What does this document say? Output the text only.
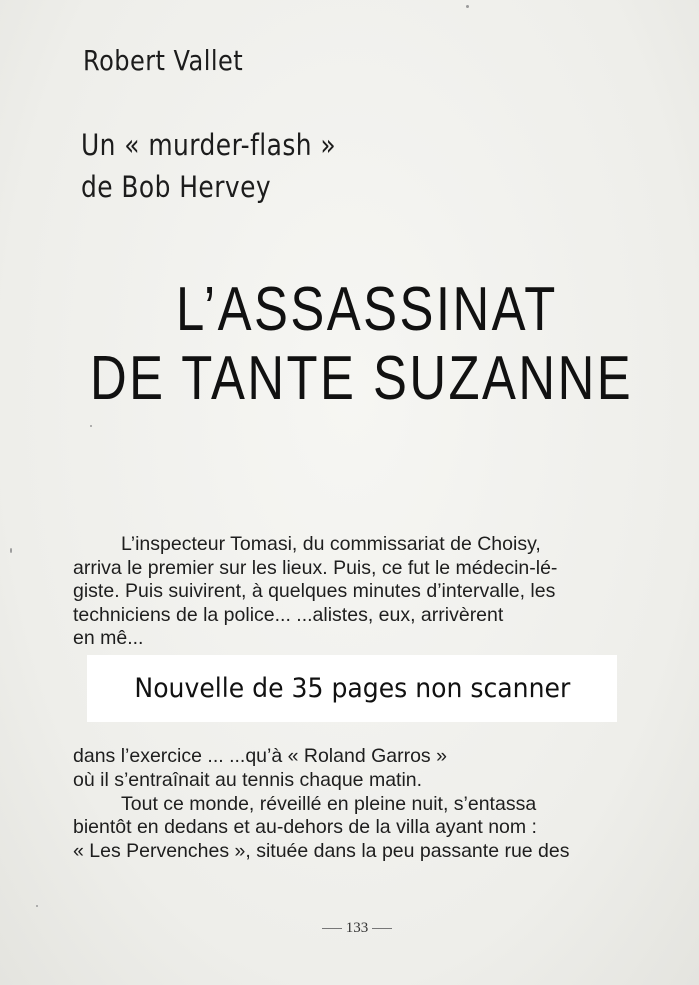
Robert Vallet
Un « murder-flash »
de Bob Hervey
L’ASSASSINAT
DE TANTE SUZANNE
L’inspecteur Tomasi, du commissariat de Choisy,
arriva le premier sur les lieux. Puis, ce fut le médecin-lé-
giste. Puis suivirent, à quelques minutes d’intervalle, les
techniciens de la police... ...alistes, eux, arrivèrent
en mê...
dans l’exercice ... ...qu’à « Roland Garros »
où il s’entraînait au tennis chaque matin.
Tout ce monde, réveillé en pleine nuit, s’entassa
bientôt en dedans et au-dehors de la villa ayant nom :
« Les Pervenches », située dans la peu passante rue des
Nouvelle de 35 pages non scanner
133
